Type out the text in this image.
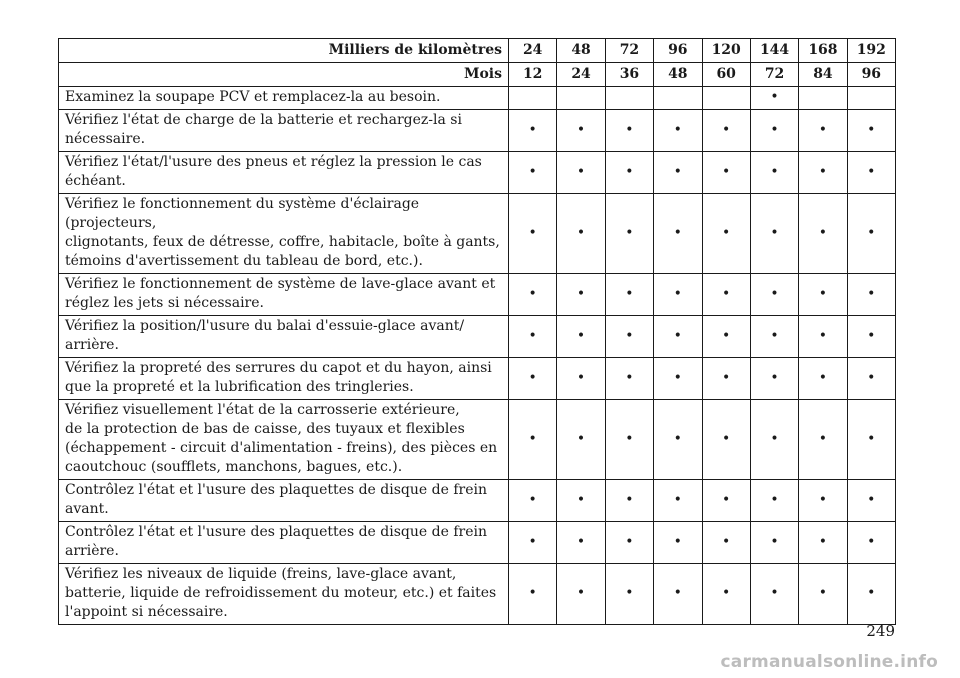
Milliers de kilomètres	24	48	72	96	120	144	168	192
Mois	12	24	36	48	60	72	84	96
Examinez la soupape PCV et remplacez-la au besoin.						•		
Vérifiez l'état de charge de la batterie et rechargez-la si
nécessaire.	•	•	•	•	•	•	•	•
Vérifiez l'état/l'usure des pneus et réglez la pression le cas
échéant.	•	•	•	•	•	•	•	•
Vérifiez le fonctionnement du système d'éclairage (projecteurs,
clignotants, feux de détresse, coffre, habitacle, boîte à gants,
témoins d'avertissement du tableau de bord, etc.).	•	•	•	•	•	•	•	•
Vérifiez le fonctionnement de système de lave-glace avant et
réglez les jets si nécessaire.	•	•	•	•	•	•	•	•
Vérifiez la position/l'usure du balai d'essuie-glace avant/
arrière.	•	•	•	•	•	•	•	•
Vérifiez la propreté des serrures du capot et du hayon, ainsi
que la propreté et la lubrification des tringleries.	•	•	•	•	•	•	•	•
Vérifiez visuellement l'état de la carrosserie extérieure,
de la protection de bas de caisse, des tuyaux et flexibles
(échappement - circuit d'alimentation - freins), des pièces en
caoutchouc (soufflets, manchons, bagues, etc.).	•	•	•	•	•	•	•	•
Contrôlez l'état et l'usure des plaquettes de disque de frein
avant.	•	•	•	•	•	•	•	•
Contrôlez l'état et l'usure des plaquettes de disque de frein
arrière.	•	•	•	•	•	•	•	•
Vérifiez les niveaux de liquide (freins, lave-glace avant,
batterie, liquide de refroidissement du moteur, etc.) et faites
l'appoint si nécessaire.	•	•	•	•	•	•	•	•
249
carmanualsonline.info
